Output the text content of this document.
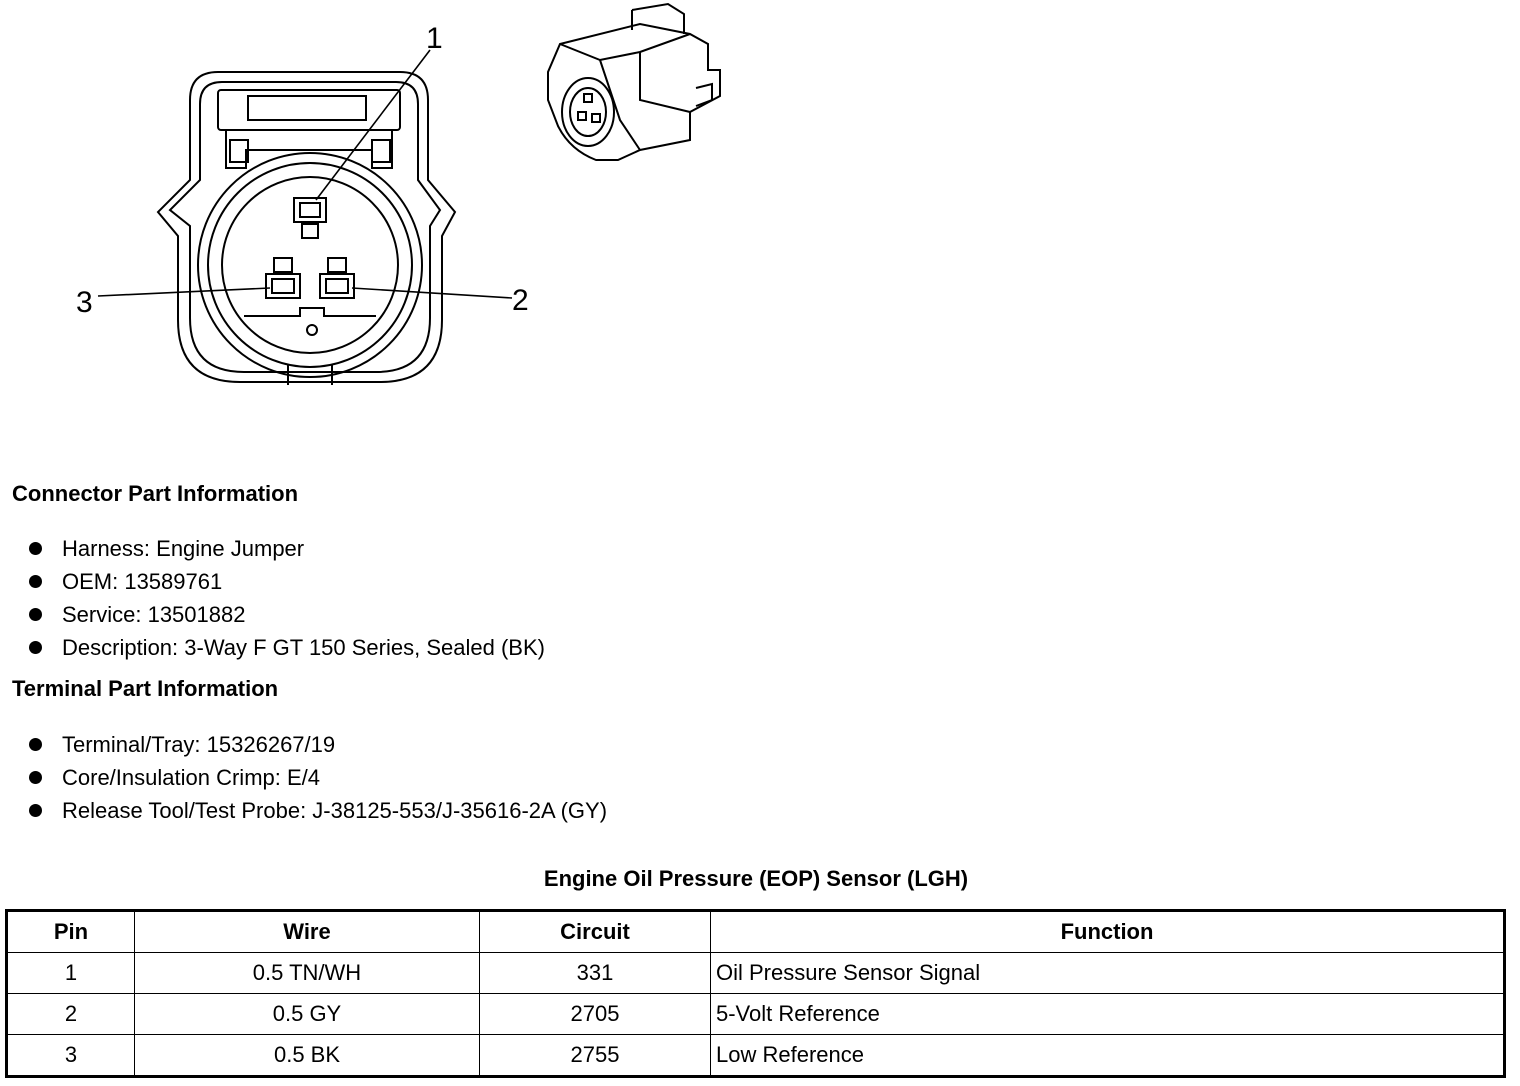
1
2
3
Connector Part Information
Harness: Engine Jumper
OEM: 13589761
Service: 13501882
Description: 3-Way F GT 150 Series, Sealed (BK)
Terminal Part Information
Terminal/Tray: 15326267/19
Core/Insulation Crimp: E/4
Release Tool/Test Probe: J-38125-553/J-35616-2A (GY)
Engine Oil Pressure (EOP) Sensor (LGH)
Pin	Wire	Circuit	Function
1	0.5 TN/WH	331	Oil Pressure Sensor Signal
2	0.5 GY	2705	5-Volt Reference
3	0.5 BK	2755	Low Reference
